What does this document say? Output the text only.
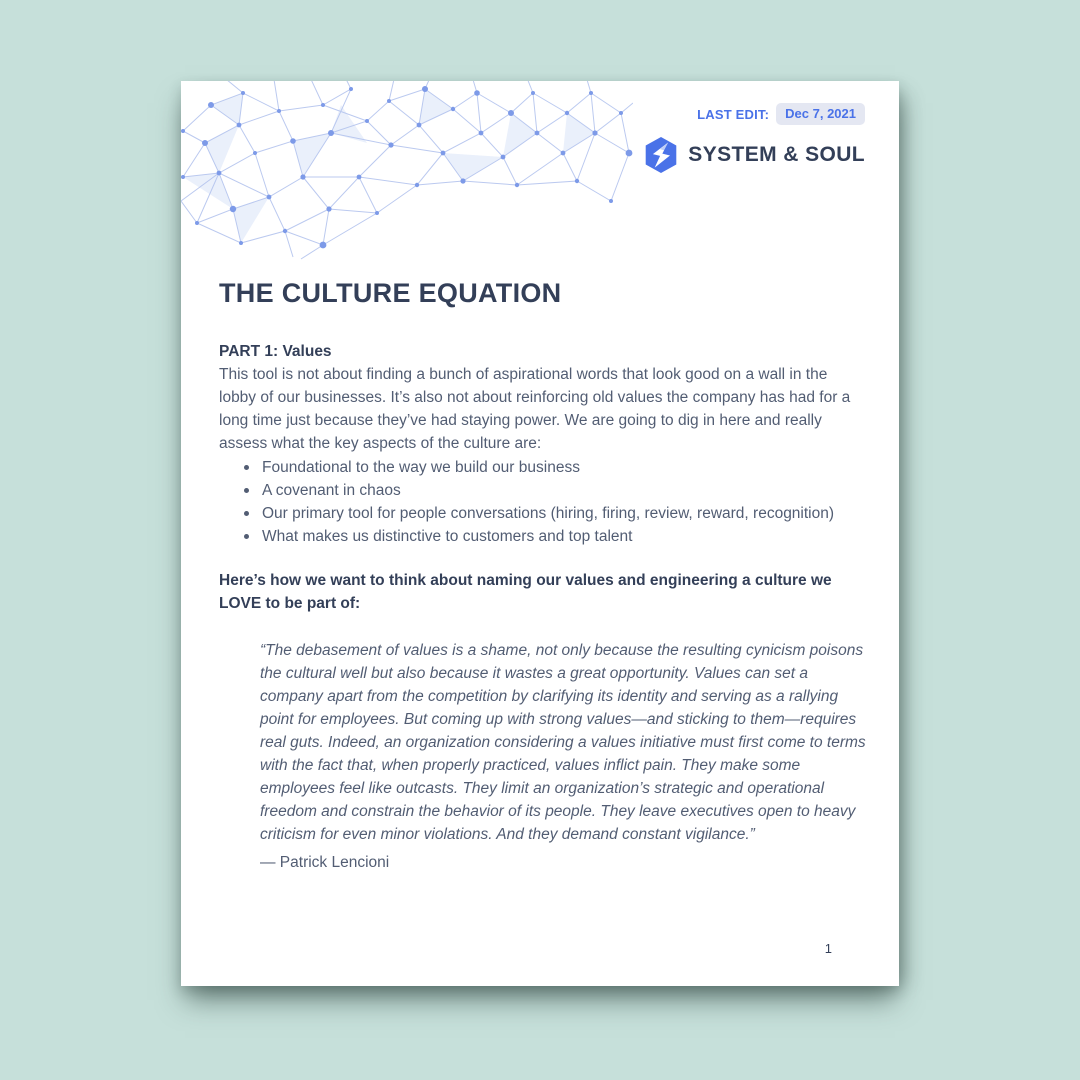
LAST EDIT:	Dec 7, 2021
SYSTEM & SOUL
THE CULTURE EQUATION
PART 1: Values

This tool is not about finding a bunch of aspirational words that look good on a wall in the lobby of our businesses. It’s also not about reinforcing old values the company has had for a long time just because they’ve had staying power. We are going to dig in here and really assess what the key aspects of the culture are:

Foundational to the way we build our business
A covenant in chaos
Our primary tool for people conversations (hiring, firing, review, reward, recognition)
What makes us distinctive to customers and top talent
Here’s how we want to think about naming our values and engineering a culture we LOVE to be part of:

“The debasement of values is a shame, not only because the resulting cynicism poisons the cultural well but also because it wastes a great opportunity. Values can set a company apart from the competition by clarifying its identity and serving as a rallying point for employees. But coming up with strong values—and sticking to them—requires real guts. Indeed, an organization considering a values initiative must first come to terms with the fact that, when properly practiced, values inflict pain. They make some employees feel like outcasts. They limit an organization’s strategic and operational freedom and constrain the behavior of its people. They leave executives open to heavy criticism for even minor violations. And they demand constant vigilance.”

— Patrick Lencioni

1
